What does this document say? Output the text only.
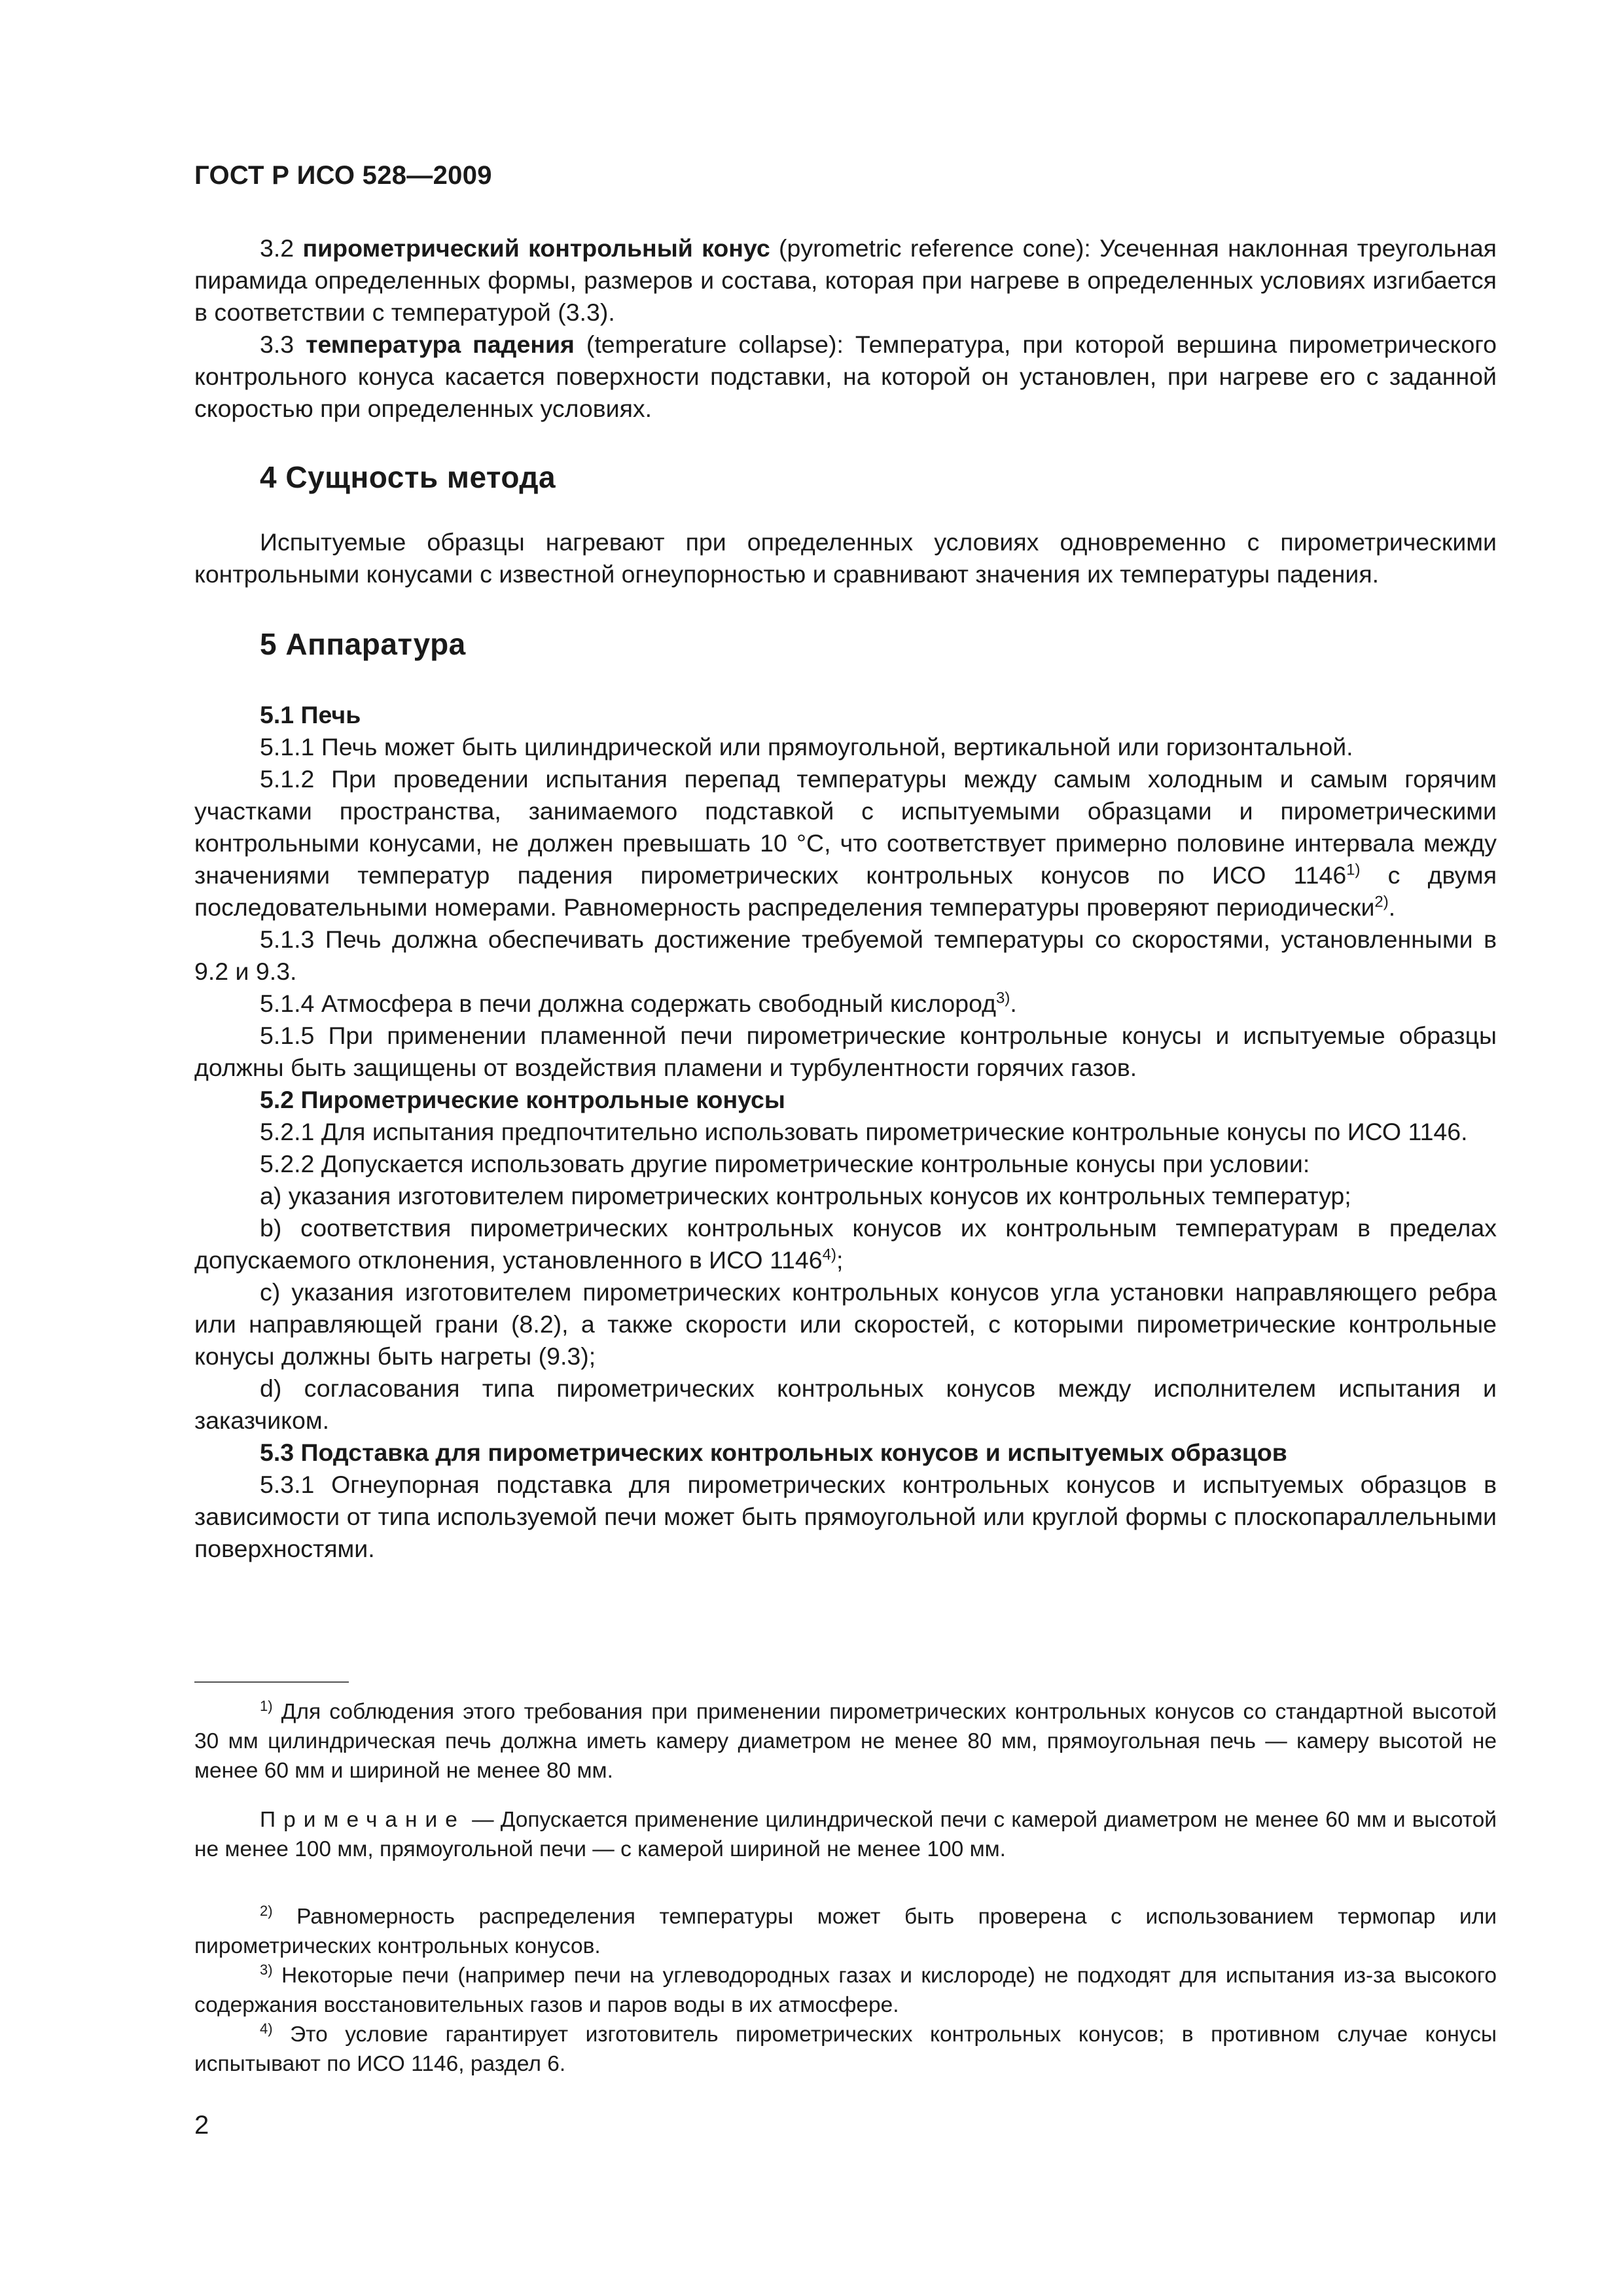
ГОСТ Р ИСО 528—2009

3.2 пирометрический контрольный конус (pyrometric reference cone): Усеченная наклонная треугольная пирамида определенных формы, размеров и состава, которая при нагреве в определенных условиях изгибается в соответствии с температурой (3.3).

3.3 температура падения (temperature collapse): Температура, при которой вершина пирометрического контрольного конуса касается поверхности подставки, на которой он установлен, при нагреве его с заданной скоростью при определенных условиях.

4 Сущность метода

Испытуемые образцы нагревают при определенных условиях одновременно с пирометрическими контрольными конусами с известной огнеупорностью и сравнивают значения их температуры падения.

5 Аппаратура

5.1 Печь

5.1.1 Печь может быть цилиндрической или прямоугольной, вертикальной или горизонтальной.

5.1.2 При проведении испытания перепад температуры между самым холодным и самым горячим участками пространства, занимаемого подставкой с испытуемыми образцами и пирометрическими контрольными конусами, не должен превышать 10 °С, что соответствует примерно половине интервала между значениями температур падения пирометрических контрольных конусов по ИСО 1146$^{1)}$ с двумя последовательными номерами. Равномерность распределения температуры проверяют периодически$^{2)}$.

5.1.3 Печь должна обеспечивать достижение требуемой температуры со скоростями, установленными в 9.2 и 9.3.

5.1.4 Атмосфера в печи должна содержать свободный кислород$^{3)}$.

5.1.5 При применении пламенной печи пирометрические контрольные конусы и испытуемые образцы должны быть защищены от воздействия пламени и турбулентности горячих газов.

5.2 Пирометрические контрольные конусы

5.2.1 Для испытания предпочтительно использовать пирометрические контрольные конусы по ИСО 1146.

5.2.2 Допускается использовать другие пирометрические контрольные конусы при условии:

а) указания изготовителем пирометрических контрольных конусов их контрольных температур;

b) соответствия пирометрических контрольных конусов их контрольным температурам в пределах допускаемого отклонения, установленного в ИСО 1146$^{4)}$;

с) указания изготовителем пирометрических контрольных конусов угла установки направляющего ребра или направляющей грани (8.2), а также скорости или скоростей, с которыми пирометрические контрольные конусы должны быть нагреты (9.3);

d) согласования типа пирометрических контрольных конусов между исполнителем испытания и заказчиком.

5.3 Подставка для пирометрических контрольных конусов и испытуемых образцов

5.3.1 Огнеупорная подставка для пирометрических контрольных конусов и испытуемых образцов в зависимости от типа используемой печи может быть прямоугольной или круглой формы с плоскопараллельными поверхностями.

$^{1)}$ Для соблюдения этого требования при применении пирометрических контрольных конусов со стандартной высотой 30 мм цилиндрическая печь должна иметь камеру диаметром не менее 80 мм, прямоугольная печь — камеру высотой не менее 60 мм и шириной не менее 80 мм.

Примечание — Допускается применение цилиндрической печи с камерой диаметром не менее 60 мм и высотой не менее 100 мм, прямоугольной печи — с камерой шириной не менее 100 мм.

$^{2)}$ Равномерность распределения температуры может быть проверена с использованием термопар или пирометрических контрольных конусов.

$^{3)}$ Некоторые печи (например печи на углеводородных газах и кислороде) не подходят для испытания из-за высокого содержания восстановительных газов и паров воды в их атмосфере.

$^{4)}$ Это условие гарантирует изготовитель пирометрических контрольных конусов; в противном случае конусы испытывают по ИСО 1146, раздел 6.

2
